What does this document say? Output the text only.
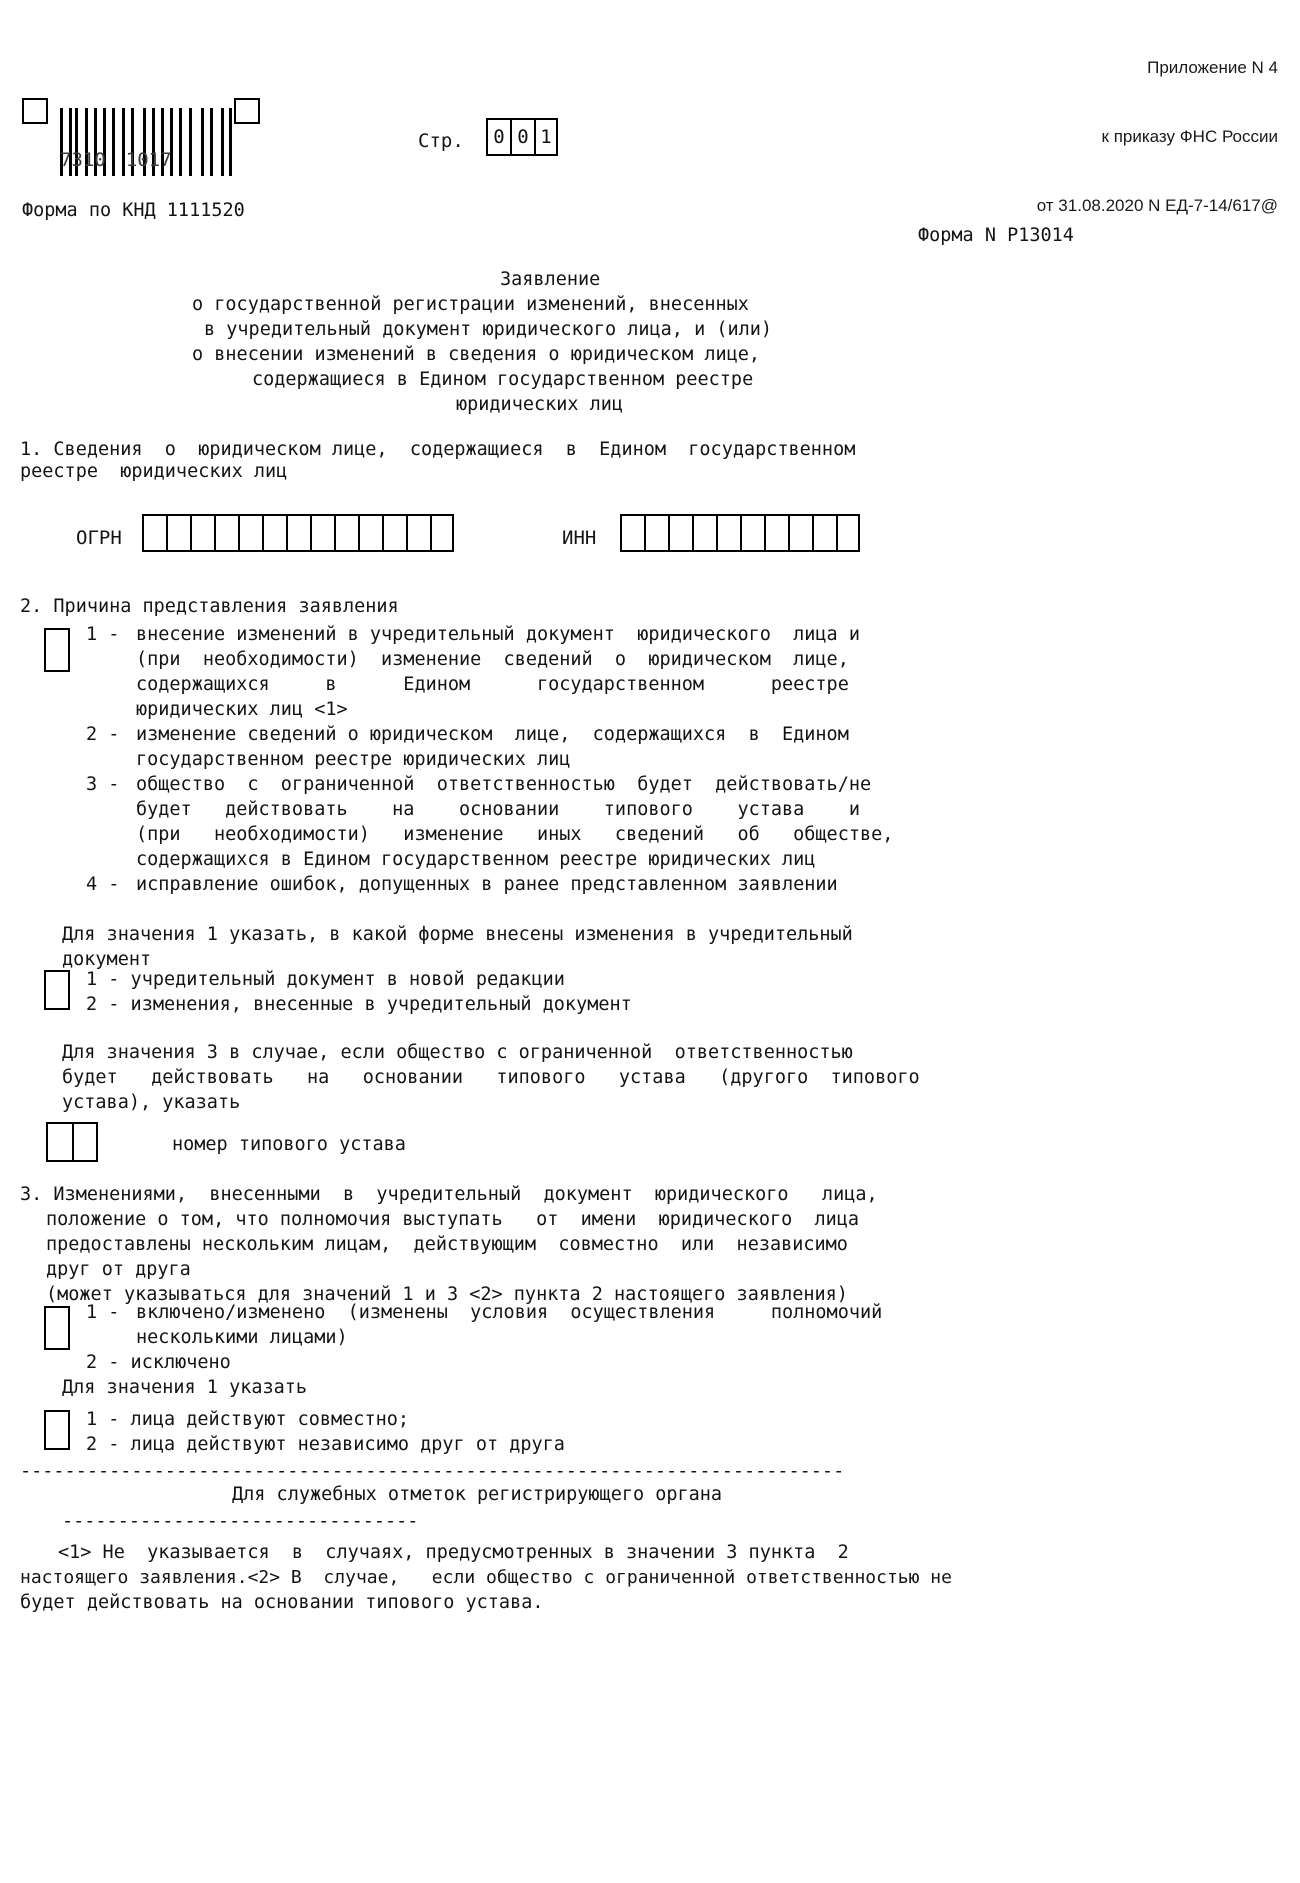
Приложение N 4

к приказу ФНС России

от 31.08.2020 N ЕД-7-14/617@

7310 1017
Стр.	0 0 1
Форма по КНД 1111520
Форма N Р13014
Заявление
о государственной регистрации изменений, внесенных
в учредительный документ юридического лица, и (или)
о внесении изменений в сведения о юридическом лице,
содержащиеся в Едином государственном реестре
юридических лиц
1. Сведения  о  юридическом лице,  содержащиеся  в  Едином  государственном
реестре  юридических лиц
ОГРН	ИНН
2. Причина представления заявления
1 - внесение изменений в учредительный документ  юридического  лица и
(при  необходимости)  изменение  сведений  о  юридическом  лице,
содержащихся     в      Едином      государственном      реестре
юридических лиц <1>
2 - изменение сведений о юридическом  лице,  содержащихся  в  Едином
государственном реестре юридических лиц
3 - общество  с  ограниченной  ответственностью  будет  действовать/не
будет   действовать    на    основании    типового    устава    и
(при   необходимости)   изменение   иных   сведений   об   обществе,
содержащихся в Едином государственном реестре юридических лиц
4 - исправление ошибок, допущенных в ранее представленном заявлении
Для значения 1 указать, в какой форме внесены изменения в учредительный
документ
1 - учредительный документ в новой редакции
2 - изменения, внесенные в учредительный документ
Для значения 3 в случае, если общество с ограниченной  ответственностью
будет   действовать   на   основании   типового   устава   (другого  типового
устава), указать
номер типового устава
3. Изменениями,  внесенными  в  учредительный  документ  юридического   лица,
положение о том, что полномочия выступать   от  имени  юридического  лица
предоставлены нескольким лицам,  действующим  совместно  или  независимо
друг от друга
(может указываться для значений 1 и 3 <2> пункта 2 настоящего заявления)
1 - включено/изменено  (изменены  условия  осуществления     полномочий
несколькими лицами)
2 - исключено
Для значения 1 указать
1 - лица действуют совместно;
2 - лица действуют независимо друг от друга
--------------------------------------------------------------------------
Для служебных отметок регистрирующего органа
--------------------------------
<1> Не  указывается  в  случаях, предусмотренных в значении 3 пункта  2
настоящего заявления.<2> В  случае,   если общество с ограниченной ответственностью не
будет действовать на основании типового устава.
